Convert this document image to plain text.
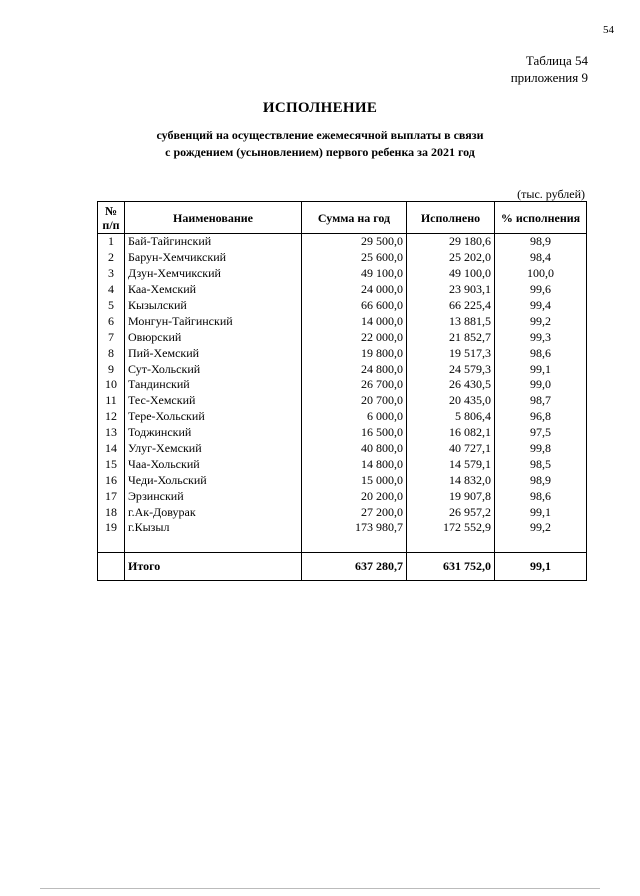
54
Таблица 54
приложения 9
ИСПОЛНЕНИЕ
субвенций на осуществление ежемесячной выплаты в связи
с рождением (усыновлением) первого ребенка за 2021 год
(тыс. рублей)
№
п/п	Наименование	Сумма на год	Исполнено	% исполнения
1	Бай-Тайгинский	29 500,0	29 180,6	98,9
2	Барун-Хемчикский	25 600,0	25 202,0	98,4
3	Дзун-Хемчикский	49 100,0	49 100,0	100,0
4	Каа-Хемский	24 000,0	23 903,1	99,6
5	Кызылский	66 600,0	66 225,4	99,4
6	Монгун-Тайгинский	14 000,0	13 881,5	99,2
7	Овюрский	22 000,0	21 852,7	99,3
8	Пий-Хемский	19 800,0	19 517,3	98,6
9	Сут-Хольский	24 800,0	24 579,3	99,1
10	Тандинский	26 700,0	26 430,5	99,0
11	Тес-Хемский	20 700,0	20 435,0	98,7
12	Тере-Хольский	6 000,0	5 806,4	96,8
13	Тоджинский	16 500,0	16 082,1	97,5
14	Улуг-Хемский	40 800,0	40 727,1	99,8
15	Чаа-Хольский	14 800,0	14 579,1	98,5
16	Чеди-Хольский	15 000,0	14 832,0	98,9
17	Эрзинский	20 200,0	19 907,8	98,6
18	г.Ак-Довурак	27 200,0	26 957,2	99,1
19	г.Кызыл	173 980,7	172 552,9	99,2

	Итого	637 280,7	631 752,0	99,1
